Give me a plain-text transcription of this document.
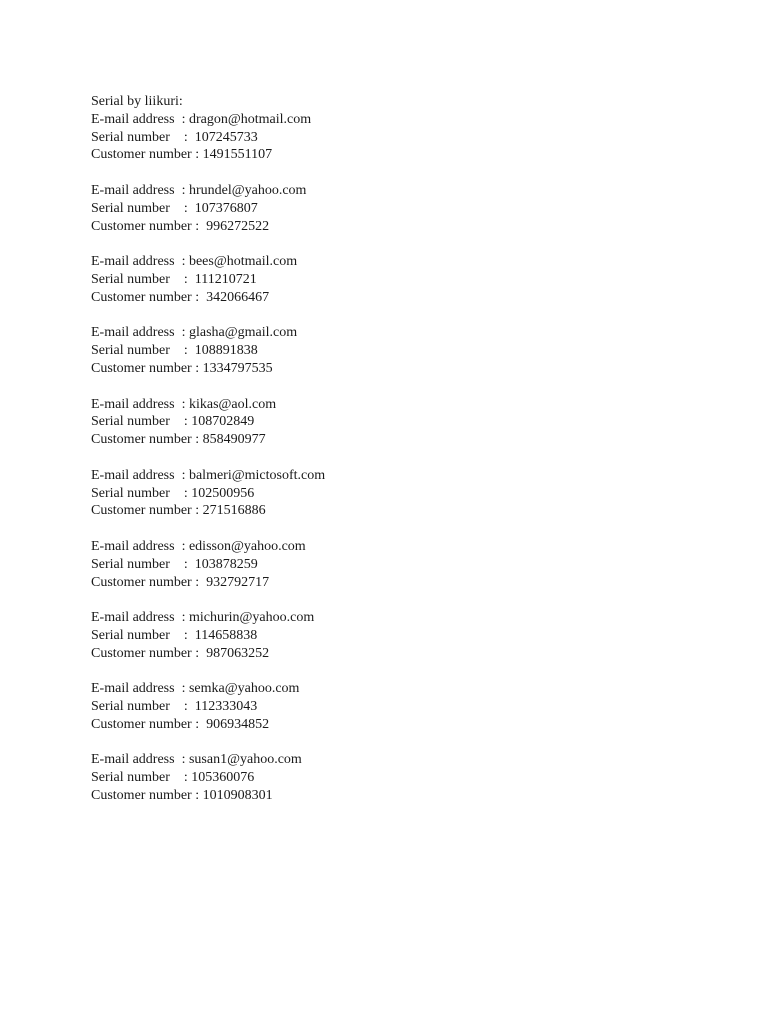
Serial by liikuri:
E-mail address  : dragon@hotmail.com
Serial number    :  107245733
Customer number : 1491551107
E-mail address  : hrundel@yahoo.com
Serial number    :  107376807
Customer number :  996272522
E-mail address  : bees@hotmail.com
Serial number    :  111210721
Customer number :  342066467
E-mail address  : glasha@gmail.com
Serial number    :  108891838
Customer number : 1334797535
E-mail address  : kikas@aol.com
Serial number    : 108702849
Customer number : 858490977
E-mail address  : balmeri@mictosoft.com
Serial number    : 102500956
Customer number : 271516886
E-mail address  : edisson@yahoo.com
Serial number    :  103878259
Customer number :  932792717
E-mail address  : michurin@yahoo.com
Serial number    :  114658838
Customer number :  987063252
E-mail address  : semka@yahoo.com
Serial number    :  112333043
Customer number :  906934852
E-mail address  : susan1@yahoo.com
Serial number    : 105360076
Customer number : 1010908301
